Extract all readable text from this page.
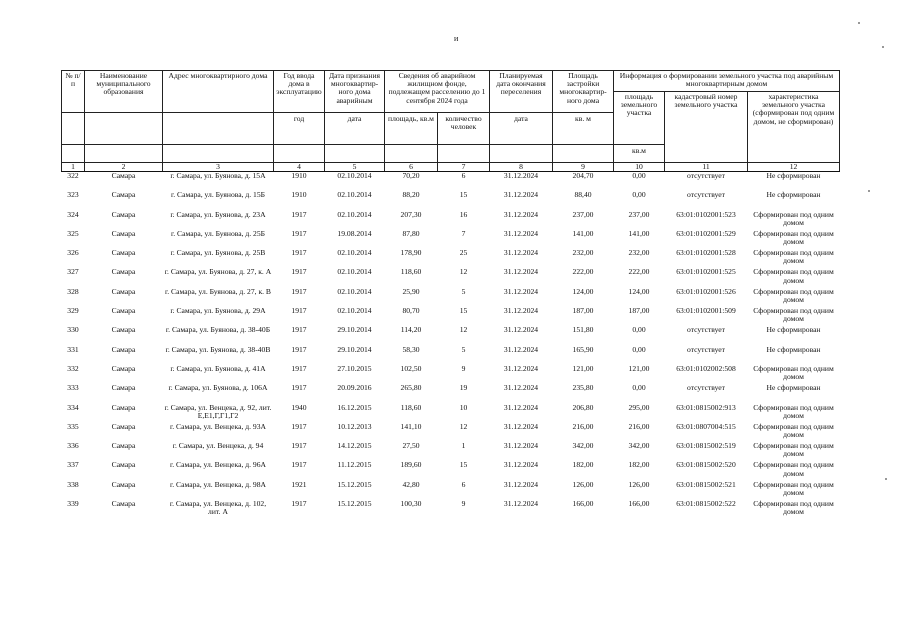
и
№ п/п	Наименование муниципального образования	Адрес многоквартирного дома	Год ввода дома в эксплуатацию	Дата признания многоквартир-ного дома аварийным	Сведения об аварийном жилищном фонде, подлежащем расселению до 1 сентября 2024 года		Планируемая дата окончания переселения	Площадь застройки многоквартир-ного дома	Информация о формировании земельного участка под аварийным многоквартирным домом		
									площадь земельного участка	кадастровый номер земельного участка	характеристика земельного участка (сформирован под одним домом, не сформирован)
			год	дата	площадь, кв.м	количество человек	дата	кв. м			
									кв.м		
1	2	3	4	5	6	7	8	9	10	11	12
322	Самара	г. Самара, ул. Буянова, д. 15А	1910	02.10.2014	70,20	6	31.12.2024	204,70	0,00	отсутствует	Не сформирован
323	Самара	г. Самара, ул. Буянова, д. 15Б	1910	02.10.2014	88,20	15	31.12.2024	88,40	0,00	отсутствует	Не сформирован
324	Самара	г. Самара, ул. Буянова, д. 23А	1917	02.10.2014	207,30	16	31.12.2024	237,00	237,00	63:01:0102001:523	Сформирован под одним домом
325	Самара	г. Самара, ул. Буянова, д. 25Б	1917	19.08.2014	87,80	7	31.12.2024	141,00	141,00	63:01:0102001:529	Сформирован под одним домом
326	Самара	г. Самара, ул. Буянова, д. 25В	1917	02.10.2014	178,90	25	31.12.2024	232,00	232,00	63:01:0102001:528	Сформирован под одним домом
327	Самара	г. Самара, ул. Буянова, д. 27, к. А	1917	02.10.2014	118,60	12	31.12.2024	222,00	222,00	63:01:0102001:525	Сформирован под одним домом
328	Самара	г. Самара, ул. Буянова, д. 27, к. В	1917	02.10.2014	25,90	5	31.12.2024	124,00	124,00	63:01:0102001:526	Сформирован под одним домом
329	Самара	г. Самара, ул. Буянова, д. 29А	1917	02.10.2014	80,70	15	31.12.2024	187,00	187,00	63:01:0102001:509	Сформирован под одним домом
330	Самара	г. Самара, ул. Буянова, д. 38-40Б	1917	29.10.2014	114,20	12	31.12.2024	151,80	0,00	отсутствует	Не сформирован
331	Самара	г. Самара, ул. Буянова, д. 38-40В	1917	29.10.2014	58,30	5	31.12.2024	165,90	0,00	отсутствует	Не сформирован
332	Самара	г. Самара, ул. Буянова, д. 41А	1917	27.10.2015	102,50	9	31.12.2024	121,00	121,00	63:01:0102002:508	Сформирован под одним домом
333	Самара	г. Самара, ул. Буянова, д. 106А	1917	20.09.2016	265,80	19	31.12.2024	235,80	0,00	отсутствует	Не сформирован
334	Самара	г. Самара, ул. Венцека, д. 92, лит. Е,Е1,Г,Г1,Г2	1940	16.12.2015	118,60	10	31.12.2024	206,80	295,00	63:01:0815002:913	Сформирован под одним домом
335	Самара	г. Самара, ул. Венцека, д. 93А	1917	10.12.2013	141,10	12	31.12.2024	216,00	216,00	63:01:0807004:515	Сформирован под одним домом
336	Самара	г. Самара, ул. Венцека, д. 94	1917	14.12.2015	27,50	1	31.12.2024	342,00	342,00	63:01:0815002:519	Сформирован под одним домом
337	Самара	г. Самара, ул. Венцека, д. 96А	1917	11.12.2015	189,60	15	31.12.2024	182,00	182,00	63:01:0815002:520	Сформирован под одним домом
338	Самара	г. Самара, ул. Венцека, д. 98А	1921	15.12.2015	42,80	6	31.12.2024	126,00	126,00	63:01:0815002:521	Сформирован под одним домом
339	Самара	г. Самара, ул. Венцека, д. 102, лит. А	1917	15.12.2015	100,30	9	31.12.2024	166,00	166,00	63:01:0815002:522	Сформирован под одним домом
